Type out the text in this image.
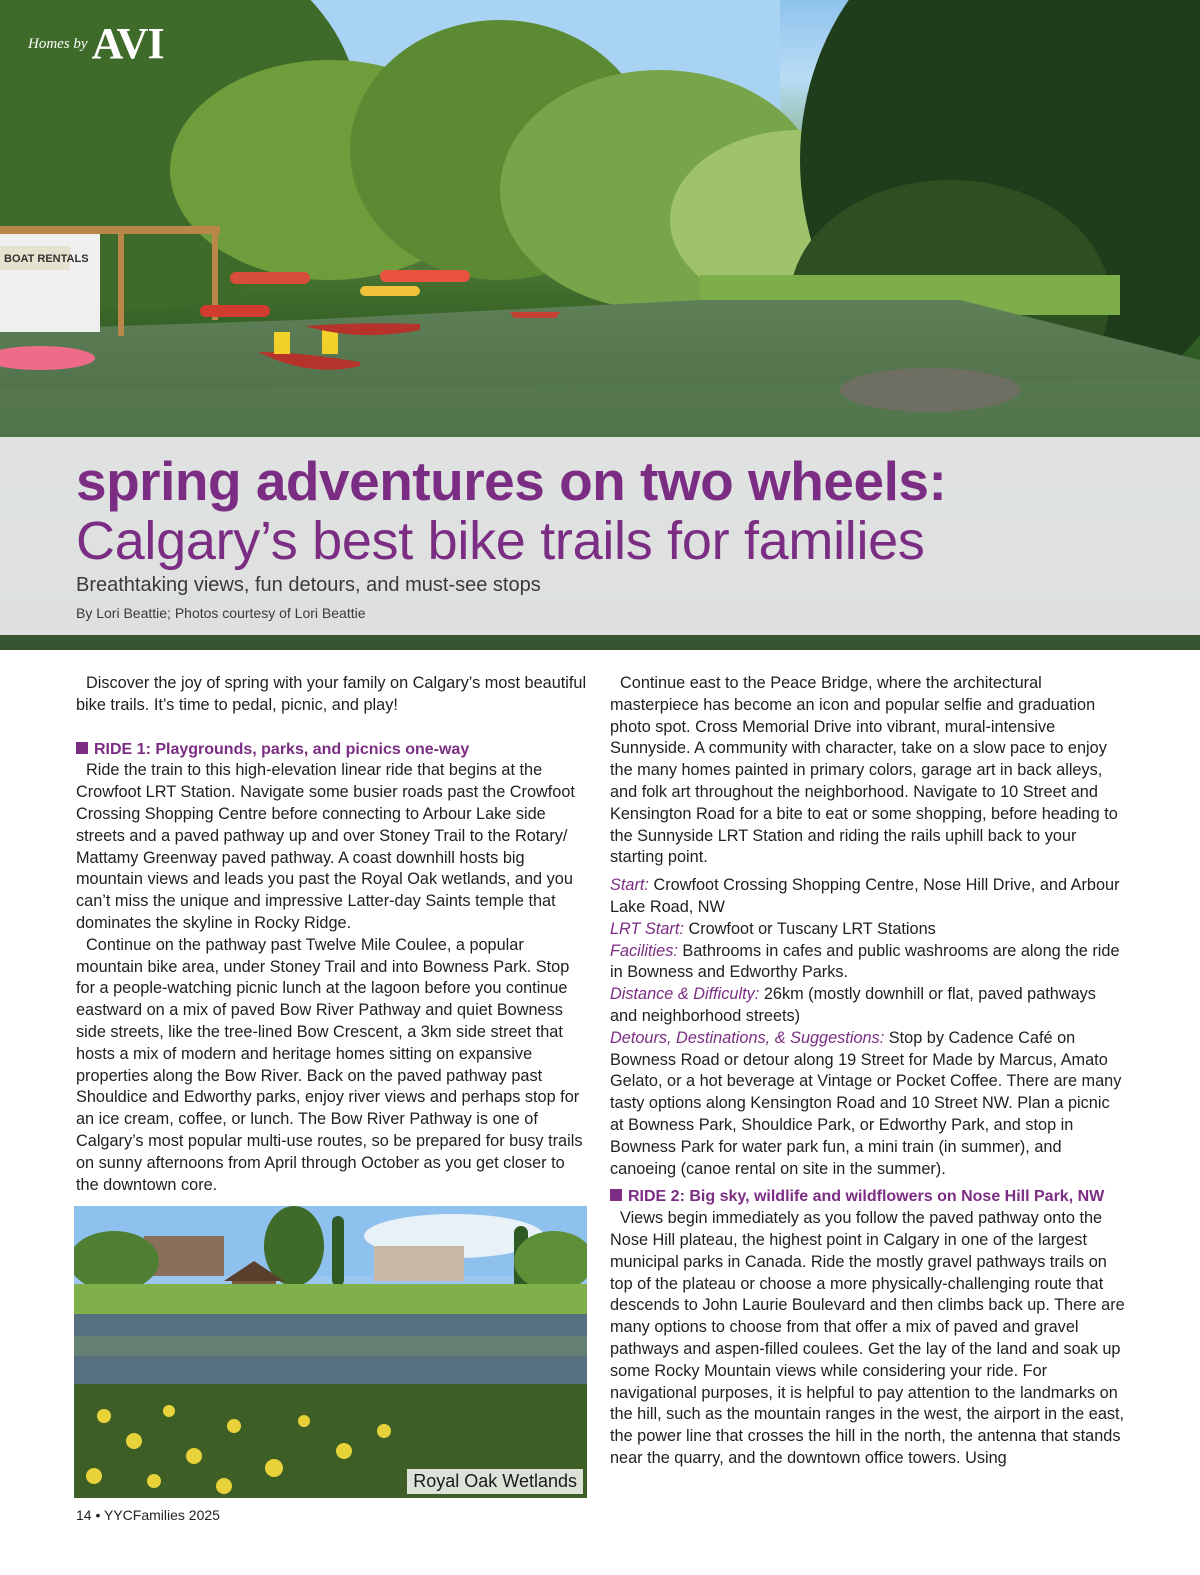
BOAT RENTALS
Homes by AVI
spring adventures on two wheels:
Calgary’s best bike trails for families

Breathtaking views, fun detours, and must-see stops

By Lori Beattie; Photos courtesy of Lori Beattie

Discover the joy of spring with your family on Calgary’s most beautiful bike trails. It’s time to pedal, picnic, and play!

RIDE 1: Playgrounds, parks, and picnics one-way

Ride the train to this high-elevation linear ride that begins at the Crowfoot LRT Station. Navigate some busier roads past the Crowfoot Crossing Shopping Centre before connecting to Arbour Lake side streets and a paved pathway up and over Stoney Trail to the Rotary/ Mattamy Greenway paved pathway. A coast downhill hosts big mountain views and leads you past the Royal Oak wetlands, and you can’t miss the unique and impressive Latter-day Saints temple that dominates the skyline in Rocky Ridge.

Continue on the pathway past Twelve Mile Coulee, a popular mountain bike area, under Stoney Trail and into Bowness Park. Stop for a people-watching picnic lunch at the lagoon before you continue eastward on a mix of paved Bow River Pathway and quiet Bowness side streets, like the tree-lined Bow Crescent, a 3km side street that hosts a mix of modern and heritage homes sitting on expansive properties along the Bow River. Back on the paved pathway past Shouldice and Edworthy parks, enjoy river views and perhaps stop for an ice cream, coffee, or lunch. The Bow River Pathway is one of Calgary’s most popular multi-use routes, so be prepared for busy trails on sunny afternoons from April through October as you get closer to the downtown core.

Royal Oak Wetlands

Continue east to the Peace Bridge, where the architectural masterpiece has become an icon and popular selfie and graduation photo spot. Cross Memorial Drive into vibrant, mural-intensive Sunnyside. A community with character, take on a slow pace to enjoy the many homes painted in primary colors, garage art in back alleys, and folk art throughout the neighborhood. Navigate to 10 Street and Kensington Road for a bite to eat or some shopping, before heading to the Sunnyside LRT Station and riding the rails uphill back to your starting point.

Start: Crowfoot Crossing Shopping Centre, Nose Hill Drive, and Arbour Lake Road, NW

LRT Start: Crowfoot or Tuscany LRT Stations

Facilities: Bathrooms in cafes and public washrooms are along the ride in Bowness and Edworthy Parks.

Distance & Difficulty: 26km (mostly downhill or flat, paved pathways and neighborhood streets)

Detours, Destinations, & Suggestions: Stop by Cadence Café on Bowness Road or detour along 19 Street for Made by Marcus, Amato Gelato, or a hot beverage at Vintage or Pocket Coffee. There are many tasty options along Kensington Road and 10 Street NW. Plan a picnic at Bowness Park, Shouldice Park, or Edworthy Park, and stop in Bowness Park for water park fun, a mini train (in summer), and canoeing (canoe rental on site in the summer).

RIDE 2: Big sky, wildlife and wildflowers on Nose Hill Park, NW

Views begin immediately as you follow the paved pathway onto the Nose Hill plateau, the highest point in Calgary in one of the largest municipal parks in Canada. Ride the mostly gravel pathways trails on top of the plateau or choose a more physically-challenging route that descends to John Laurie Boulevard and then climbs back up. There are many options to choose from that offer a mix of paved and gravel pathways and aspen-filled coulees. Get the lay of the land and soak up some Rocky Mountain views while considering your ride. For navigational purposes, it is helpful to pay attention to the landmarks on the hill, such as the mountain ranges in the west, the airport in the east, the power line that crosses the hill in the north, the antenna that stands near the quarry, and the downtown office towers. Using

14 • YYCFamilies 2025
